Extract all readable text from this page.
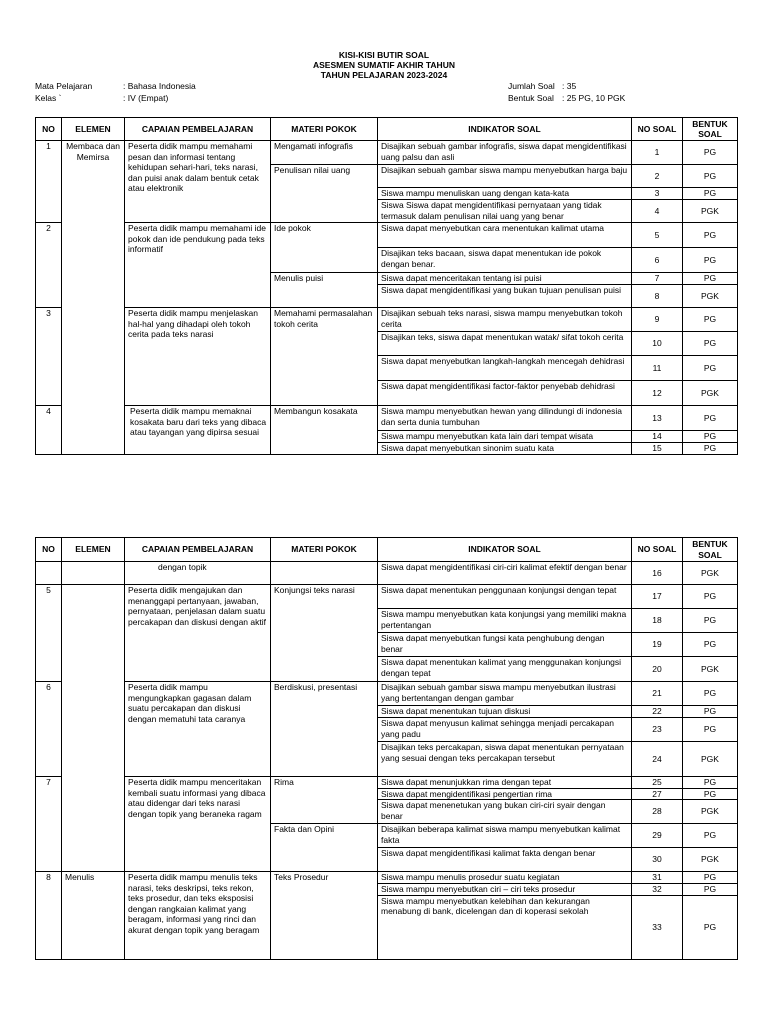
KISI-KISI BUTIR SOAL
ASESMEN SUMATIF AKHIR TAHUN
TAHUN PELAJARAN 2023-2024
Mata Pelajaran	: Bahasa Indonesia
Kelas `	: IV (Empat)
Jumlah Soal : 35
Bentuk Soal : 25 PG, 10 PGK
NO	ELEMEN	CAPAIAN PEMBELAJARAN	MATERI POKOK	INDIKATOR SOAL	NO SOAL	BENTUK SOAL
1	Membaca dan Memirsa	Peserta didik mampu memahami pesan dan informasi tentang kehidupan sehari-hari, teks narasi, dan puisi anak dalam bentuk cetak atau elektronik	Mengamati infografis	Disajikan sebuah gambar infografis, siswa dapat mengidentifikasi uang palsu dan asli	1	PG
			Penulisan nilai uang	Disajikan sebuah gambar siswa mampu menyebutkan harga baju	2	PG
				Siswa mampu menuliskan uang dengan kata-kata	3	PG
				Siswa Siswa dapat mengidentifikasi pernyataan yang tidak termasuk dalam penulisan nilai uang yang benar	4	PGK
2		Peserta didik mampu memahami ide pokok dan ide pendukung pada teks informatif	Ide pokok	Siswa dapat menyebutkan cara menentukan kalimat utama	5	PG
				Disajikan teks bacaan, siswa dapat menentukan ide pokok dengan benar.	6	PG
			Menulis puisi	Siswa dapat menceritakan tentang isi puisi	7	PG
				Siswa dapat mengidentifikasi yang bukan tujuan penulisan puisi	8	PGK
3		Peserta didik mampu menjelaskan hal-hal yang dihadapi oleh tokoh cerita pada teks narasi	Memahami permasalahan tokoh cerita	Disajikan sebuah teks narasi, siswa mampu menyebutkan tokoh cerita	9	PG
				Disajikan teks, siswa dapat menentukan watak/ sifat tokoh cerita	10	PG
				Siswa dapat menyebutkan langkah-langkah mencegah dehidrasi	11	PG
				Siswa dapat mengidentifikasi factor-faktor penyebab dehidrasi	12	PGK
4		Peserta didik mampu memaknai kosakata baru dari teks yang dibaca atau tayangan yang dipirsa sesuai	Membangun kosakata	Siswa mampu menyebutkan hewan yang dilindungi di indonesia dan serta dunia tumbuhan	13	PG
				Siswa mampu menyebutkan kata lain dari tempat wisata	14	PG
				Siswa dapat menyebutkan sinonim suatu kata	15	PG
NO	ELEMEN	CAPAIAN PEMBELAJARAN	MATERI POKOK	INDIKATOR SOAL	NO SOAL	BENTUK SOAL
		dengan topik		Siswa dapat mengidentifikasi ciri-ciri kalimat efektif dengan benar	16	PGK
5		Peserta didik mengajukan dan menanggapi pertanyaan, jawaban, pernyataan, penjelasan dalam suatu percakapan dan diskusi dengan aktif	Konjungsi teks narasi	Siswa dapat menentukan penggunaan konjungsi dengan tepat	17	PG
				Siswa mampu menyebutkan kata konjungsi yang memiliki makna pertentangan	18	PG
				Siswa dapat menyebutkan fungsi kata penghubung dengan benar	19	PG
				Siswa dapat menentukan kalimat yang menggunakan konjungsi dengan tepat	20	PGK
6		Peserta didik mampu mengungkapkan gagasan dalam suatu percakapan dan diskusi dengan mematuhi tata caranya	Berdiskusi, presentasi	Disajikan sebuah gambar siswa mampu menyebutkan ilustrasi yang bertentangan dengan gambar	21	PG
				Siswa dapat menentukan tujuan diskusi	22	PG
				Siswa dapat menyusun kalimat sehingga menjadi percakapan yang padu	23	PG
				Disajikan teks percakapan, siswa dapat menentukan pernyataan yang sesuai dengan teks percakapan tersebut	24	PGK
7		Peserta didik mampu menceritakan kembali suatu informasi yang dibaca atau didengar dari teks narasi dengan topik yang beraneka ragam	Rima	Siswa dapat menunjukkan rima dengan tepat	25	PG
				Siswa dapat mengidentifikasi pengertian rima	27	PG
				Siswa dapat menenetukan yang bukan ciri-ciri syair dengan benar	28	PGK
			Fakta dan Opini	Disajikan beberapa kalimat siswa mampu menyebutkan kalimat fakta	29	PG
				Siswa dapat mengidentifikasi kalimat fakta dengan benar	30	PGK
8	Menulis	Peserta didik mampu menulis teks narasi, teks deskripsi, teks rekon, teks prosedur, dan teks eksposisi dengan rangkaian kalimat yang beragam, informasi yang rinci dan akurat dengan topik yang beragam	Teks Prosedur	Siswa mampu menulis prosedur suatu kegiatan	31	PG
				Siswa mampu menyebutkan ciri – ciri teks prosedur	32	PG
				Siswa mampu menyebutkan kelebihan dan kekurangan menabung di bank, dicelengan dan di koperasi sekolah	33	PG
